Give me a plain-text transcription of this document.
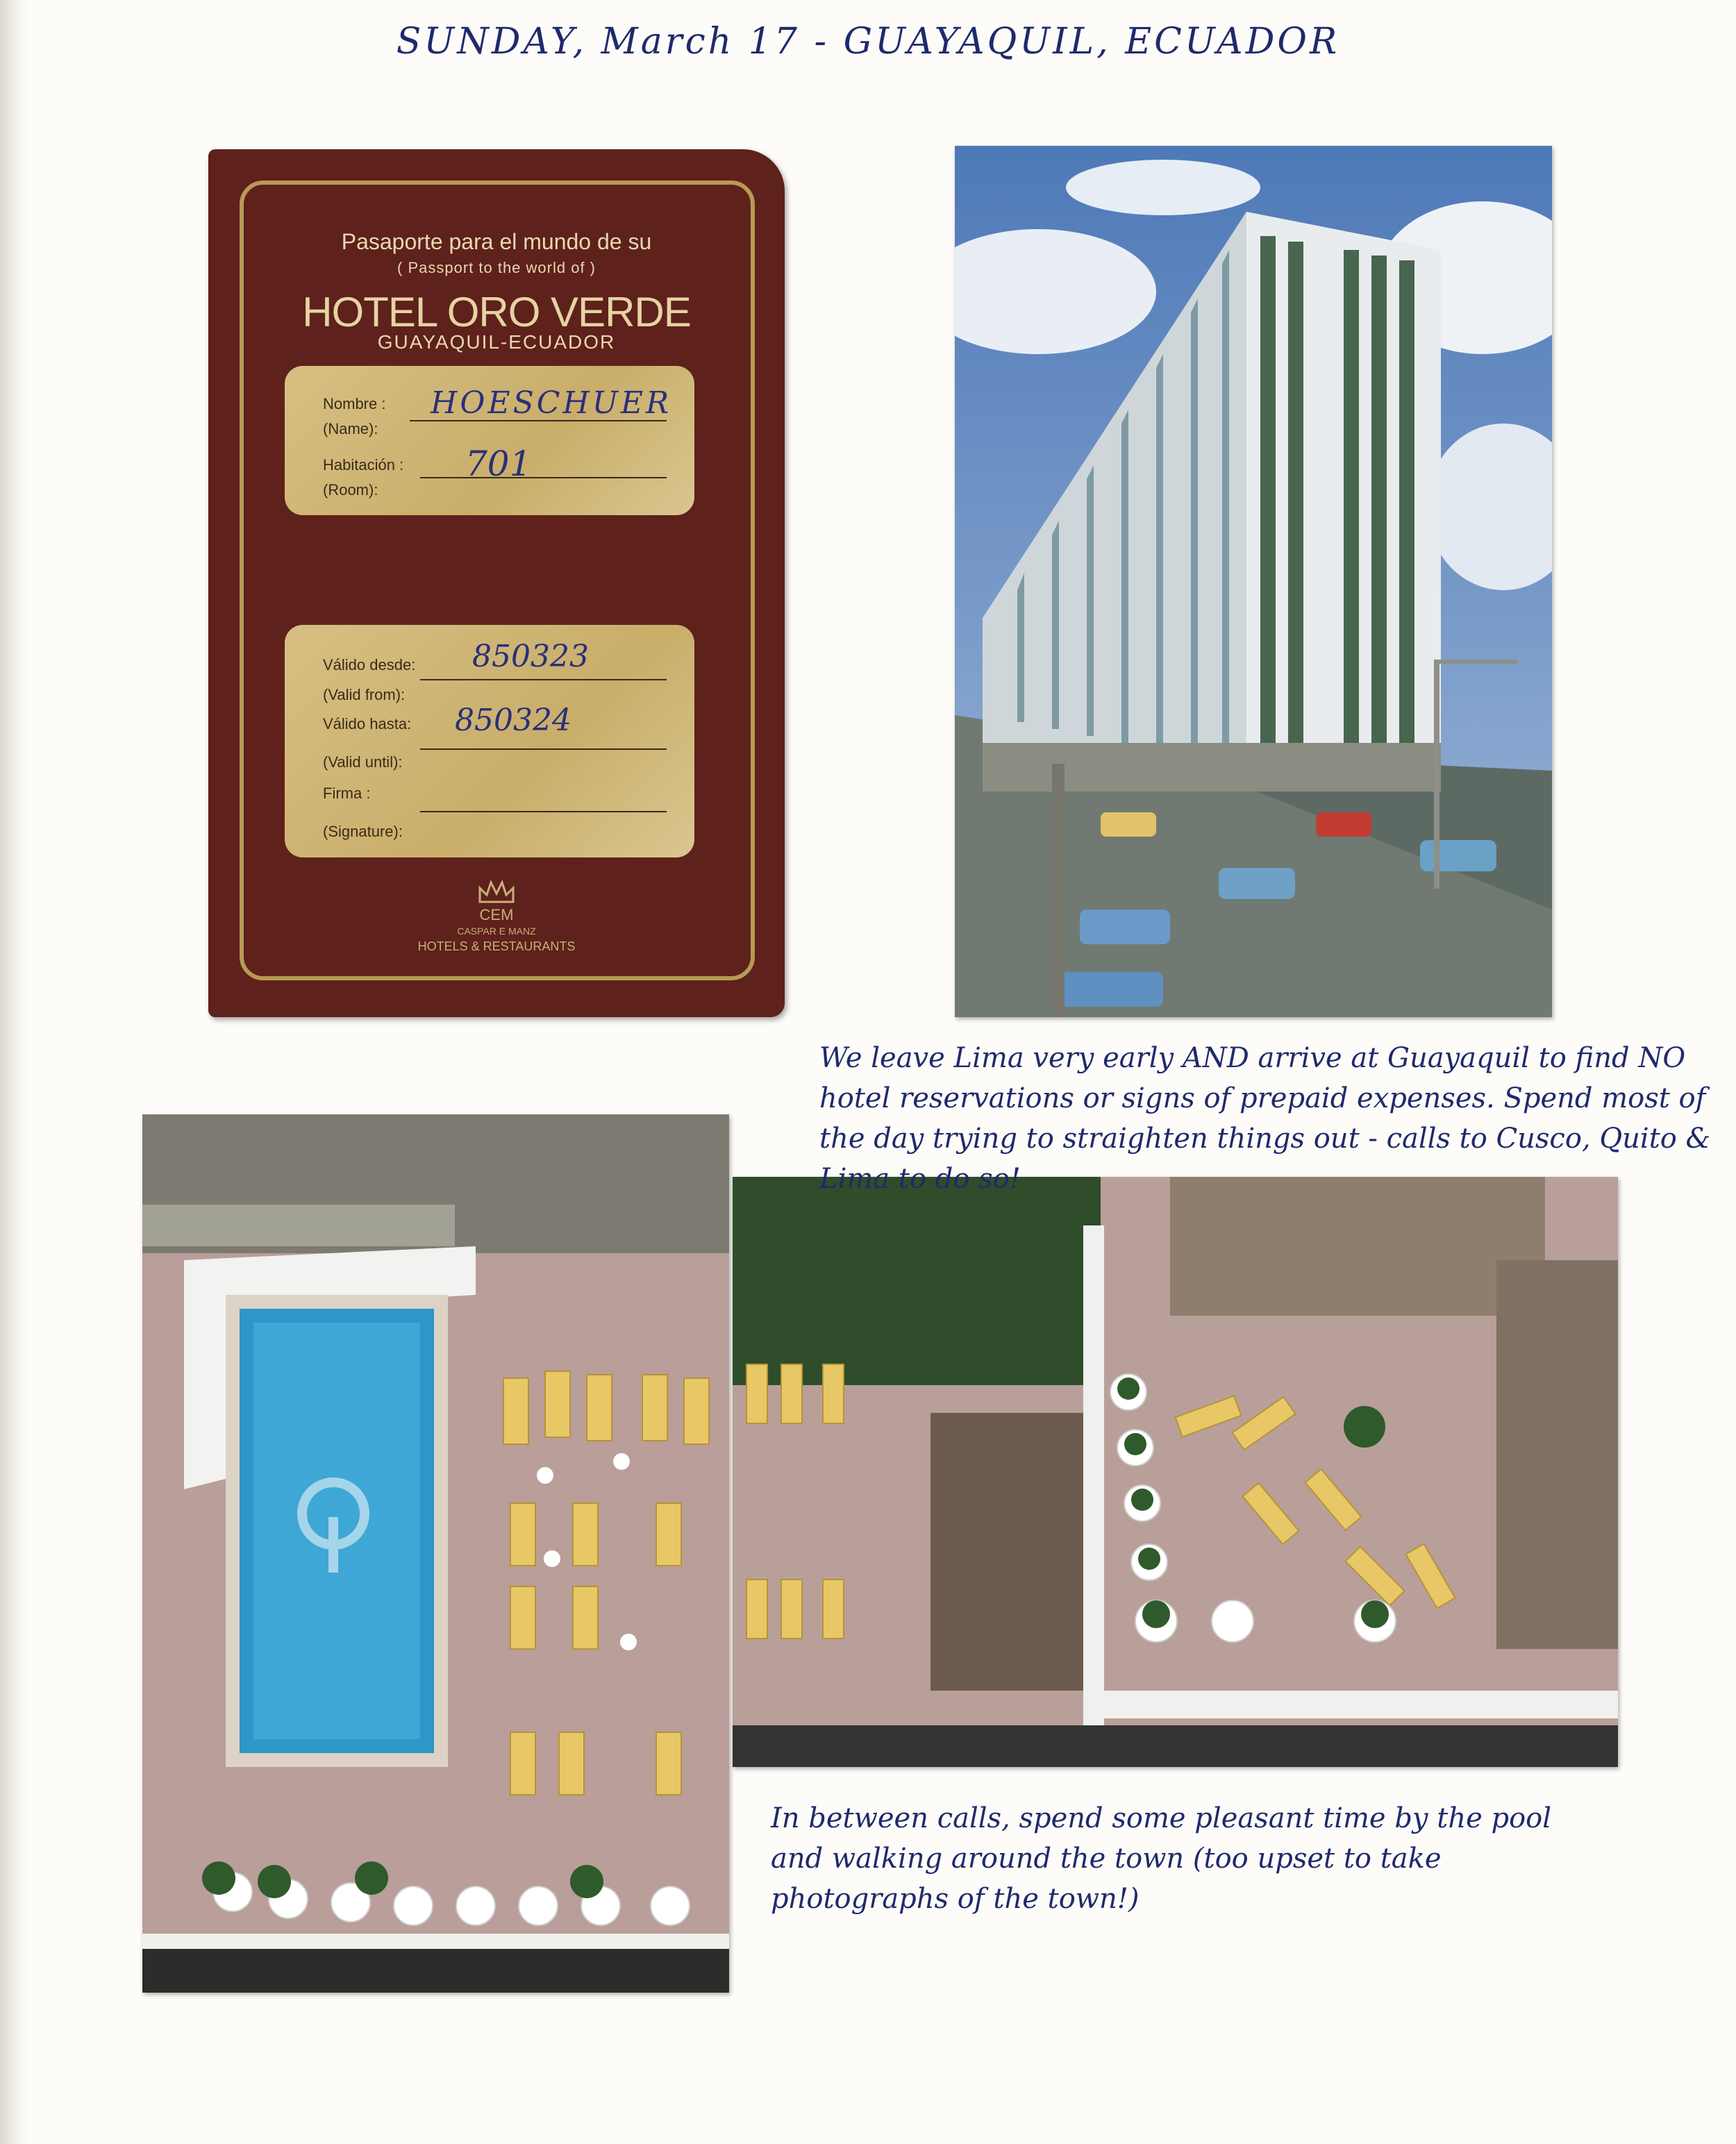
SUNDAY, March 17 - GUAYAQUIL, ECUADOR
Pasaporte para el mundo de su
( Passport to the world of )
HOTEL ORO VERDE
GUAYAQUIL-ECUADOR
Nombre :
(Name):
HOESCHUER
Habitación :
(Room):
701
Válido desde: 850323
(Valid from):
Válido hasta: 850324
(Valid until):
Firma :
(Signature):
CEM
CASPAR E MANZ
HOTELS & RESTAURANTS
We leave Lima very early AND arrive at Guayaquil to find NO hotel reservations or signs of prepaid expenses. Spend most of the day trying to straighten things out - calls to Cusco, Quito & Lima to do so!
In between calls, spend some pleasant time by the pool and walking around the town (too upset to take photographs of the town!)
